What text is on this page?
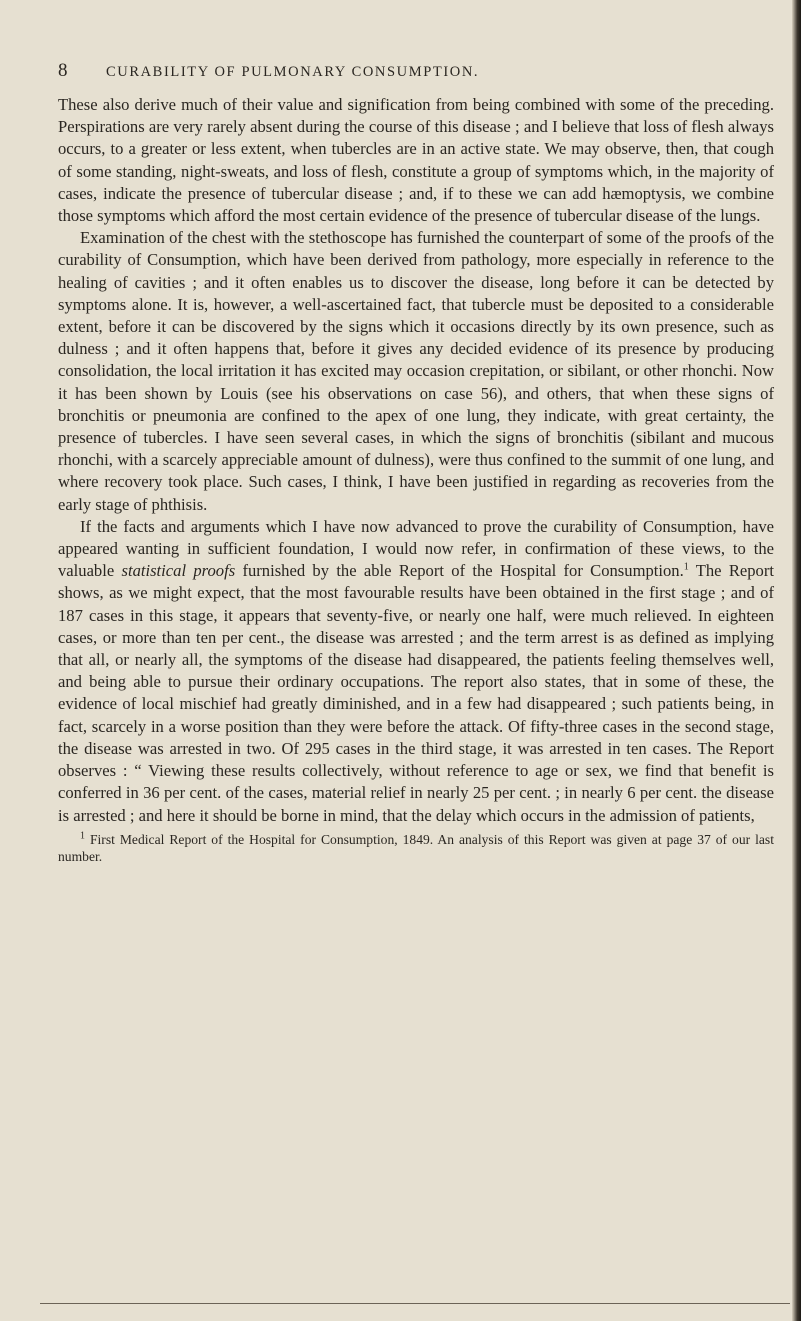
8	CURABILITY OF PULMONARY CONSUMPTION.

These also derive much of their value and signification from being combined with some of the preceding. Perspirations are very rarely absent during the course of this disease ; and I believe that loss of flesh always occurs, to a greater or less extent, when tubercles are in an active state. We may observe, then, that cough of some standing, night-sweats, and loss of flesh, constitute a group of symptoms which, in the majority of cases, indicate the presence of tubercular disease ; and, if to these we can add hæmoptysis, we combine those symptoms which afford the most certain evidence of the presence of tubercular disease of the lungs.

Examination of the chest with the stethoscope has furnished the counterpart of some of the proofs of the curability of Consumption, which have been derived from pathology, more especially in reference to the healing of cavities ; and it often enables us to discover the disease, long before it can be detected by symptoms alone. It is, however, a well-ascertained fact, that tubercle must be deposited to a considerable extent, before it can be discovered by the signs which it occasions directly by its own presence, such as dulness ; and it often happens that, before it gives any decided evidence of its presence by producing consolidation, the local irritation it has excited may occasion crepitation, or sibilant, or other rhonchi. Now it has been shown by Louis (see his observations on case 56), and others, that when these signs of bronchitis or pneumonia are confined to the apex of one lung, they indicate, with great certainty, the presence of tubercles. I have seen several cases, in which the signs of bronchitis (sibilant and mucous rhonchi, with a scarcely appreciable amount of dulness), were thus confined to the summit of one lung, and where recovery took place. Such cases, I think, I have been justified in regarding as recoveries from the early stage of phthisis.

If the facts and arguments which I have now advanced to prove the curability of Consumption, have appeared wanting in sufficient foundation, I would now refer, in confirmation of these views, to the valuable statistical proofs furnished by the able Report of the Hospital for Consumption.$^1$ The Report shows, as we might expect, that the most favourable results have been obtained in the first stage ; and of 187 cases in this stage, it appears that seventy-five, or nearly one half, were much relieved. In eighteen cases, or more than ten per cent., the disease was arrested ; and the term arrest is as defined as implying that all, or nearly all, the symptoms of the disease had disappeared, the patients feeling themselves well, and being able to pursue their ordinary occupations. The report also states, that in some of these, the evidence of local mischief had greatly diminished, and in a few had disappeared ; such patients being, in fact, scarcely in a worse position than they were before the attack. Of fifty-three cases in the second stage, the disease was arrested in two. Of 295 cases in the third stage, it was arrested in ten cases. The Report observes : “ Viewing these results collectively, without reference to age or sex, we find that benefit is conferred in 36 per cent. of the cases, material relief in nearly 25 per cent. ; in nearly 6 per cent. the disease is arrested ; and here it should be borne in mind, that the delay which occurs in the admission of patients,

$^1$ First Medical Report of the Hospital for Consumption, 1849. An analysis of this Report was given at page 37 of our last number.
